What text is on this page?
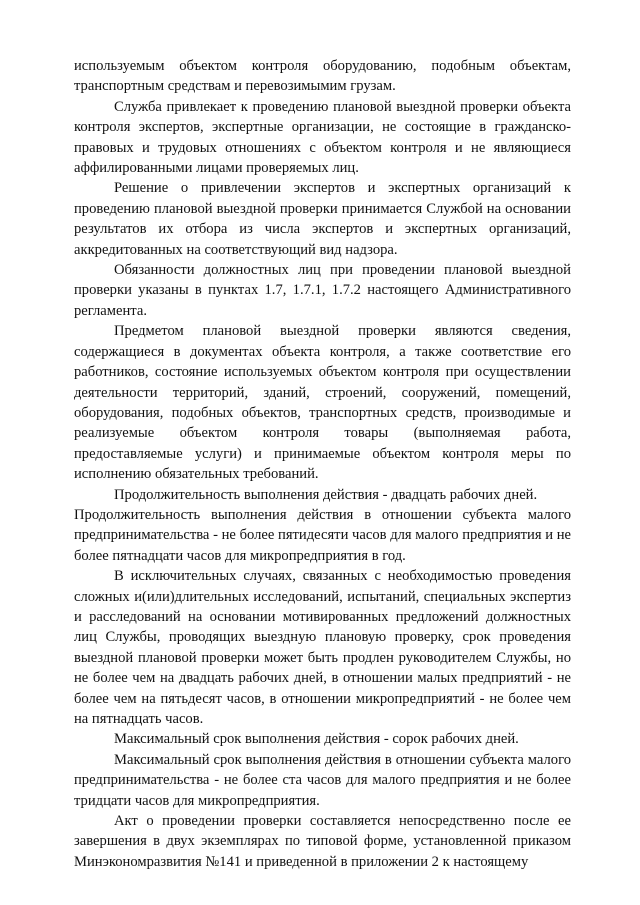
используемым объектом контроля оборудованию, подобным объектам, транспортным средствам и перевозимымим грузам.

Служба привлекает к проведению плановой выездной проверки объекта контроля экспертов, экспертные организации, не состоящие в гражданско-правовых и трудовых отношениях с объектом контроля и не являющиеся аффилированными лицами проверяемых лиц.

Решение о привлечении экспертов и экспертных организаций к проведению плановой выездной проверки принимается Службой на основании результатов их отбора из числа экспертов и экспертных организаций, аккредитованных на соответствующий вид надзора.

Обязанности должностных лиц при проведении плановой выездной проверки указаны в пунктах 1.7, 1.7.1, 1.7.2 настоящего Административного регламента.

Предметом плановой выездной проверки являются сведения, содержащиеся в документах объекта контроля, а также соответствие его работников, состояние используемых объектом контроля при осуществлении деятельности территорий, зданий, строений, сооружений, помещений, оборудования, подобных объектов, транспортных средств, производимые и реализуемые объектом контроля товары (выполняемая работа, предоставляемые услуги) и принимаемые объектом контроля меры по исполнению обязательных требований.

Продолжительность выполнения действия - двадцать рабочих дней.

Продолжительность выполнения действия в отношении субъекта малого предпринимательства - не более пятидесяти часов для малого предприятия и не более пятнадцати часов для микропредприятия в год.

В исключительных случаях, связанных с необходимостью проведения сложных и(или)длительных исследований, испытаний, специальных экспертиз и расследований на основании мотивированных предложений должностных лиц Службы, проводящих выездную плановую проверку, срок проведения выездной плановой проверки может быть продлен руководителем Службы, но не более чем на двадцать рабочих дней, в отношении малых предприятий - не более чем на пятьдесят часов, в отношении микропредприятий - не более чем на пятнадцать часов.

Максимальный срок выполнения действия - сорок рабочих дней.

Максимальный срок выполнения действия в отношении субъекта малого предпринимательства - не более ста часов для малого предприятия и не более тридцати часов для микропредприятия.

Акт о проведении проверки составляется непосредственно после ее завершения в двух экземплярах по типовой форме, установленной приказом Минэкономразвития №141 и приведенной в приложении 2 к настоящему
